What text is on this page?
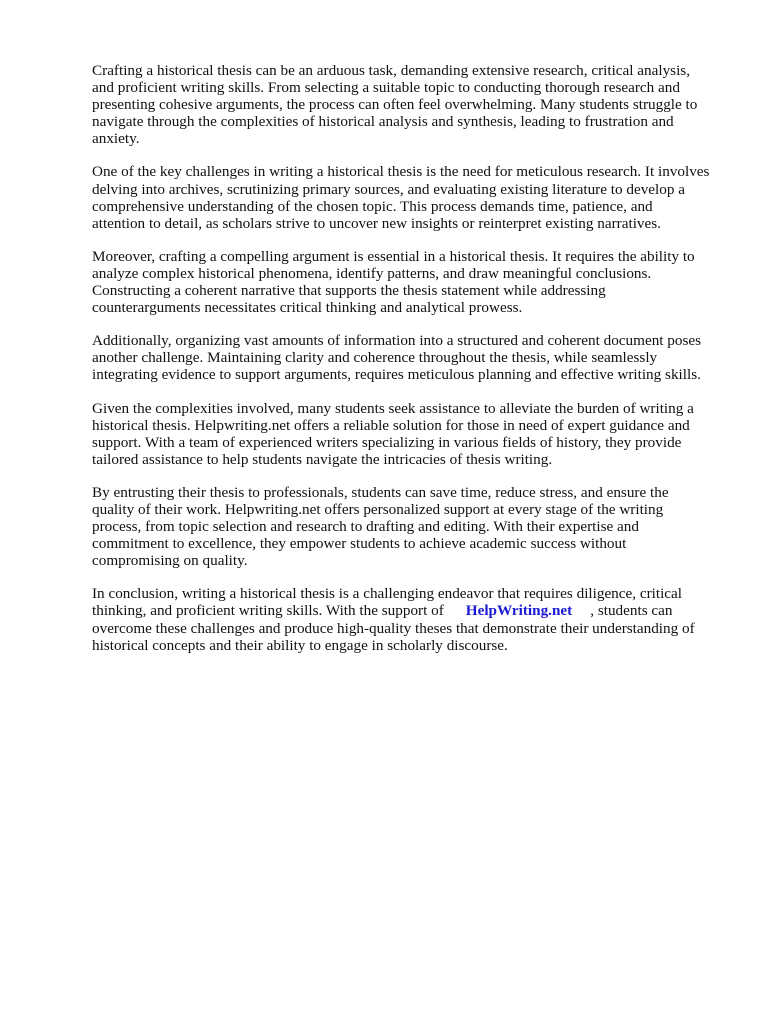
Crafting a historical thesis can be an arduous task, demanding extensive research, critical analysis,
and proficient writing skills. From selecting a suitable topic to conducting thorough research and
presenting cohesive arguments, the process can often feel overwhelming. Many students struggle to
navigate through the complexities of historical analysis and synthesis, leading to frustration and
anxiety.

One of the key challenges in writing a historical thesis is the need for meticulous research. It involves
delving into archives, scrutinizing primary sources, and evaluating existing literature to develop a
comprehensive understanding of the chosen topic. This process demands time, patience, and
attention to detail, as scholars strive to uncover new insights or reinterpret existing narratives.

Moreover, crafting a compelling argument is essential in a historical thesis. It requires the ability to
analyze complex historical phenomena, identify patterns, and draw meaningful conclusions.
Constructing a coherent narrative that supports the thesis statement while addressing
counterarguments necessitates critical thinking and analytical prowess.

Additionally, organizing vast amounts of information into a structured and coherent document poses
another challenge. Maintaining clarity and coherence throughout the thesis, while seamlessly
integrating evidence to support arguments, requires meticulous planning and effective writing skills.

Given the complexities involved, many students seek assistance to alleviate the burden of writing a
historical thesis. Helpwriting.net offers a reliable solution for those in need of expert guidance and
support. With a team of experienced writers specializing in various fields of history, they provide
tailored assistance to help students navigate the intricacies of thesis writing.

By entrusting their thesis to professionals, students can save time, reduce stress, and ensure the
quality of their work. Helpwriting.net offers personalized support at every stage of the writing
process, from topic selection and research to drafting and editing. With their expertise and
commitment to excellence, they empower students to achieve academic success without
compromising on quality.

In conclusion, writing a historical thesis is a challenging endeavor that requires diligence, critical
thinking, and proficient writing skills. With the support of HelpWriting.net , students can
overcome these challenges and produce high-quality theses that demonstrate their understanding of
historical concepts and their ability to engage in scholarly discourse.
